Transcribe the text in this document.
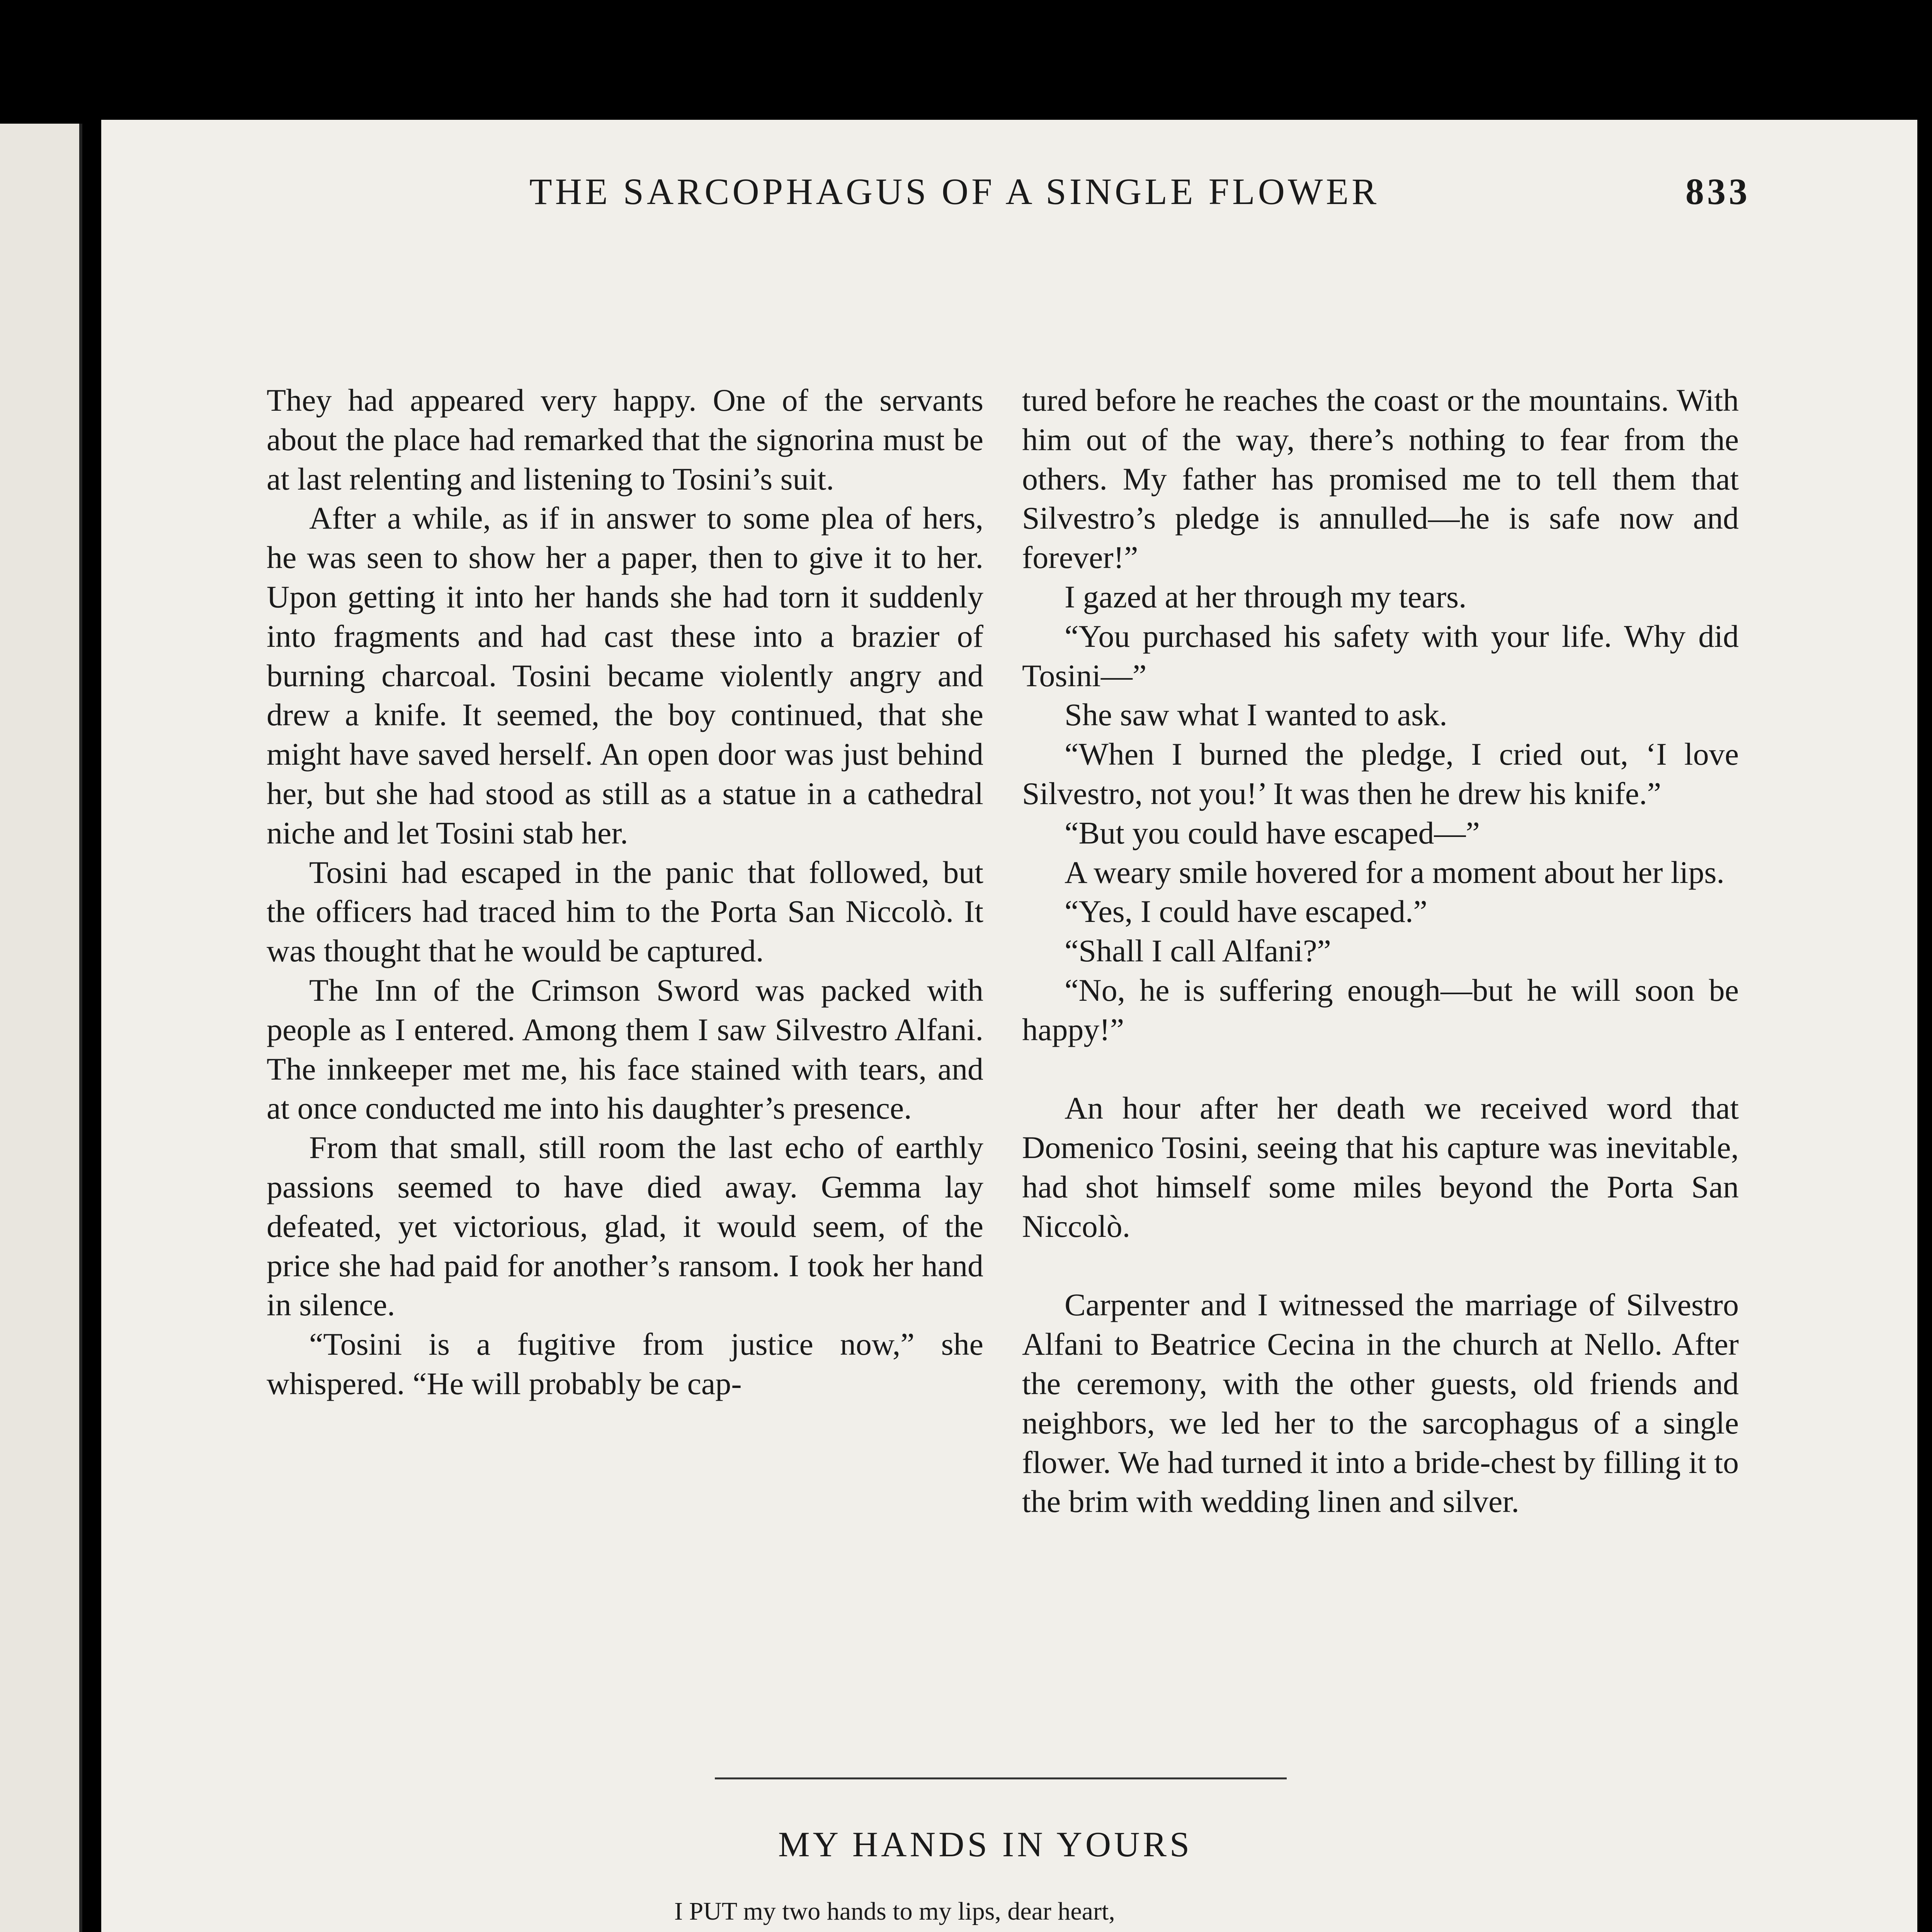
THE SARCOPHAGUS OF A SINGLE FLOWER	833

They had appeared very happy. One of the servants about the place had remarked that the signorina must be at last relenting and listening to Tosini’s suit.

After a while, as if in answer to some plea of hers, he was seen to show her a paper, then to give it to her. Upon getting it into her hands she had torn it suddenly into fragments and had cast these into a brazier of burning charcoal. Tosini became violently angry and drew a knife. It seemed, the boy continued, that she might have saved herself. An open door was just behind her, but she had stood as still as a statue in a cathedral niche and let Tosini stab her.

Tosini had escaped in the panic that followed, but the officers had traced him to the Porta San Niccolò. It was thought that he would be captured.

The Inn of the Crimson Sword was packed with people as I entered. Among them I saw Silvestro Alfani. The innkeeper met me, his face stained with tears, and at once conducted me into his daughter’s presence.

From that small, still room the last echo of earthly passions seemed to have died away. Gemma lay defeated, yet victorious, glad, it would seem, of the price she had paid for another’s ransom. I took her hand in silence.

“Tosini is a fugitive from justice now,” she whispered. “He will probably be cap-

tured before he reaches the coast or the mountains. With him out of the way, there’s nothing to fear from the others. My father has promised me to tell them that Silvestro’s pledge is annulled—he is safe now and forever!”

I gazed at her through my tears.

“You purchased his safety with your life. Why did Tosini—”

She saw what I wanted to ask.

“When I burned the pledge, I cried out, ‘I love Silvestro, not you!’ It was then he drew his knife.”

“But you could have escaped—”

A weary smile hovered for a moment about her lips.

“Yes, I could have escaped.”

“Shall I call Alfani?”

“No, he is suffering enough—but he will soon be happy!”

An hour after her death we received word that Domenico Tosini, seeing that his capture was inevitable, had shot himself some miles beyond the Porta San Niccolò.

Carpenter and I witnessed the marriage of Silvestro Alfani to Beatrice Cecina in the church at Nello. After the ceremony, with the other guests, old friends and neighbors, we led her to the sarcophagus of a single flower. We had turned it into a bride-chest by filling it to the brim with wedding linen and silver.

MY HANDS IN YOURS
I PUT my two hands to my lips, dear heart,
